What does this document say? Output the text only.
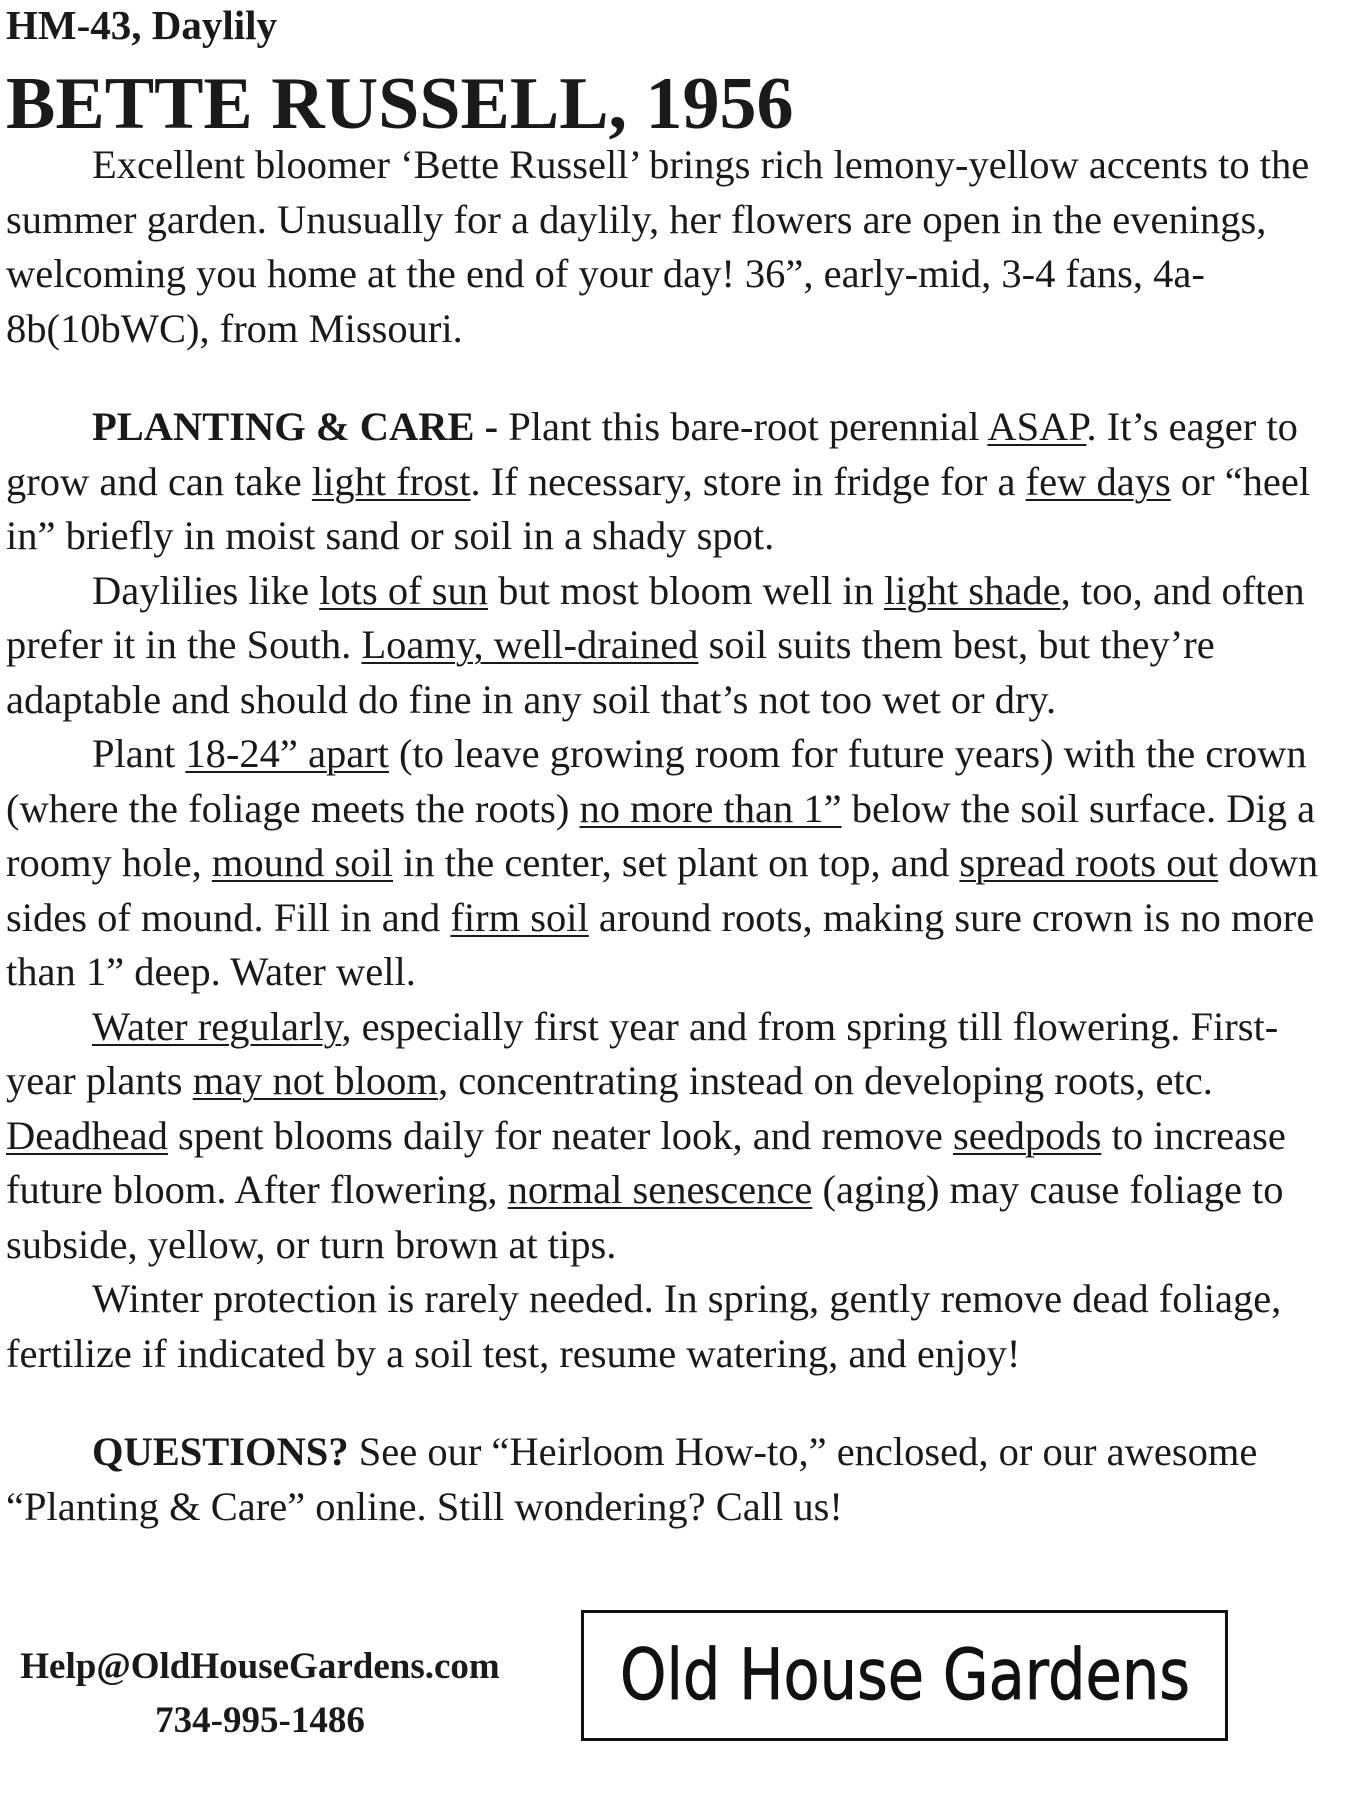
HM-43, Daylily
BETTE RUSSELL, 1956

Excellent bloomer ‘Bette Russell’ brings rich lemony-yellow accents to the summer garden. Unusually for a daylily, her flowers are open in the evenings, welcoming you home at the end of your day! 36”, early-mid, 3-4 fans, 4a-8b(10bWC), from Missouri.

PLANTING & CARE - Plant this bare-root perennial ASAP. It’s eager to grow and can take light frost. If necessary, store in fridge for a few days or “heel in” briefly in moist sand or soil in a shady spot.

Daylilies like lots of sun but most bloom well in light shade, too, and often prefer it in the South. Loamy, well-drained soil suits them best, but they’re adaptable and should do fine in any soil that’s not too wet or dry.

Plant 18-24” apart (to leave growing room for future years) with the crown (where the foliage meets the roots) no more than 1” below the soil surface. Dig a roomy hole, mound soil in the center, set plant on top, and spread roots out down sides of mound. Fill in and firm soil around roots, making sure crown is no more than 1” deep. Water well.

Water regularly, especially first year and from spring till flowering. First-year plants may not bloom, concentrating instead on developing roots, etc. Deadhead spent blooms daily for neater look, and remove seedpods to increase future bloom. After flowering, normal senescence (aging) may cause foliage to subside, yellow, or turn brown at tips.

Winter protection is rarely needed. In spring, gently remove dead foliage, fertilize if indicated by a soil test, resume watering, and enjoy!

QUESTIONS? See our “Heirloom How-to,” enclosed, or our awesome “Planting & Care” online. Still wondering? Call us!

Help@OldHouseGardens.com
734-995-1486
Old House Gardens
